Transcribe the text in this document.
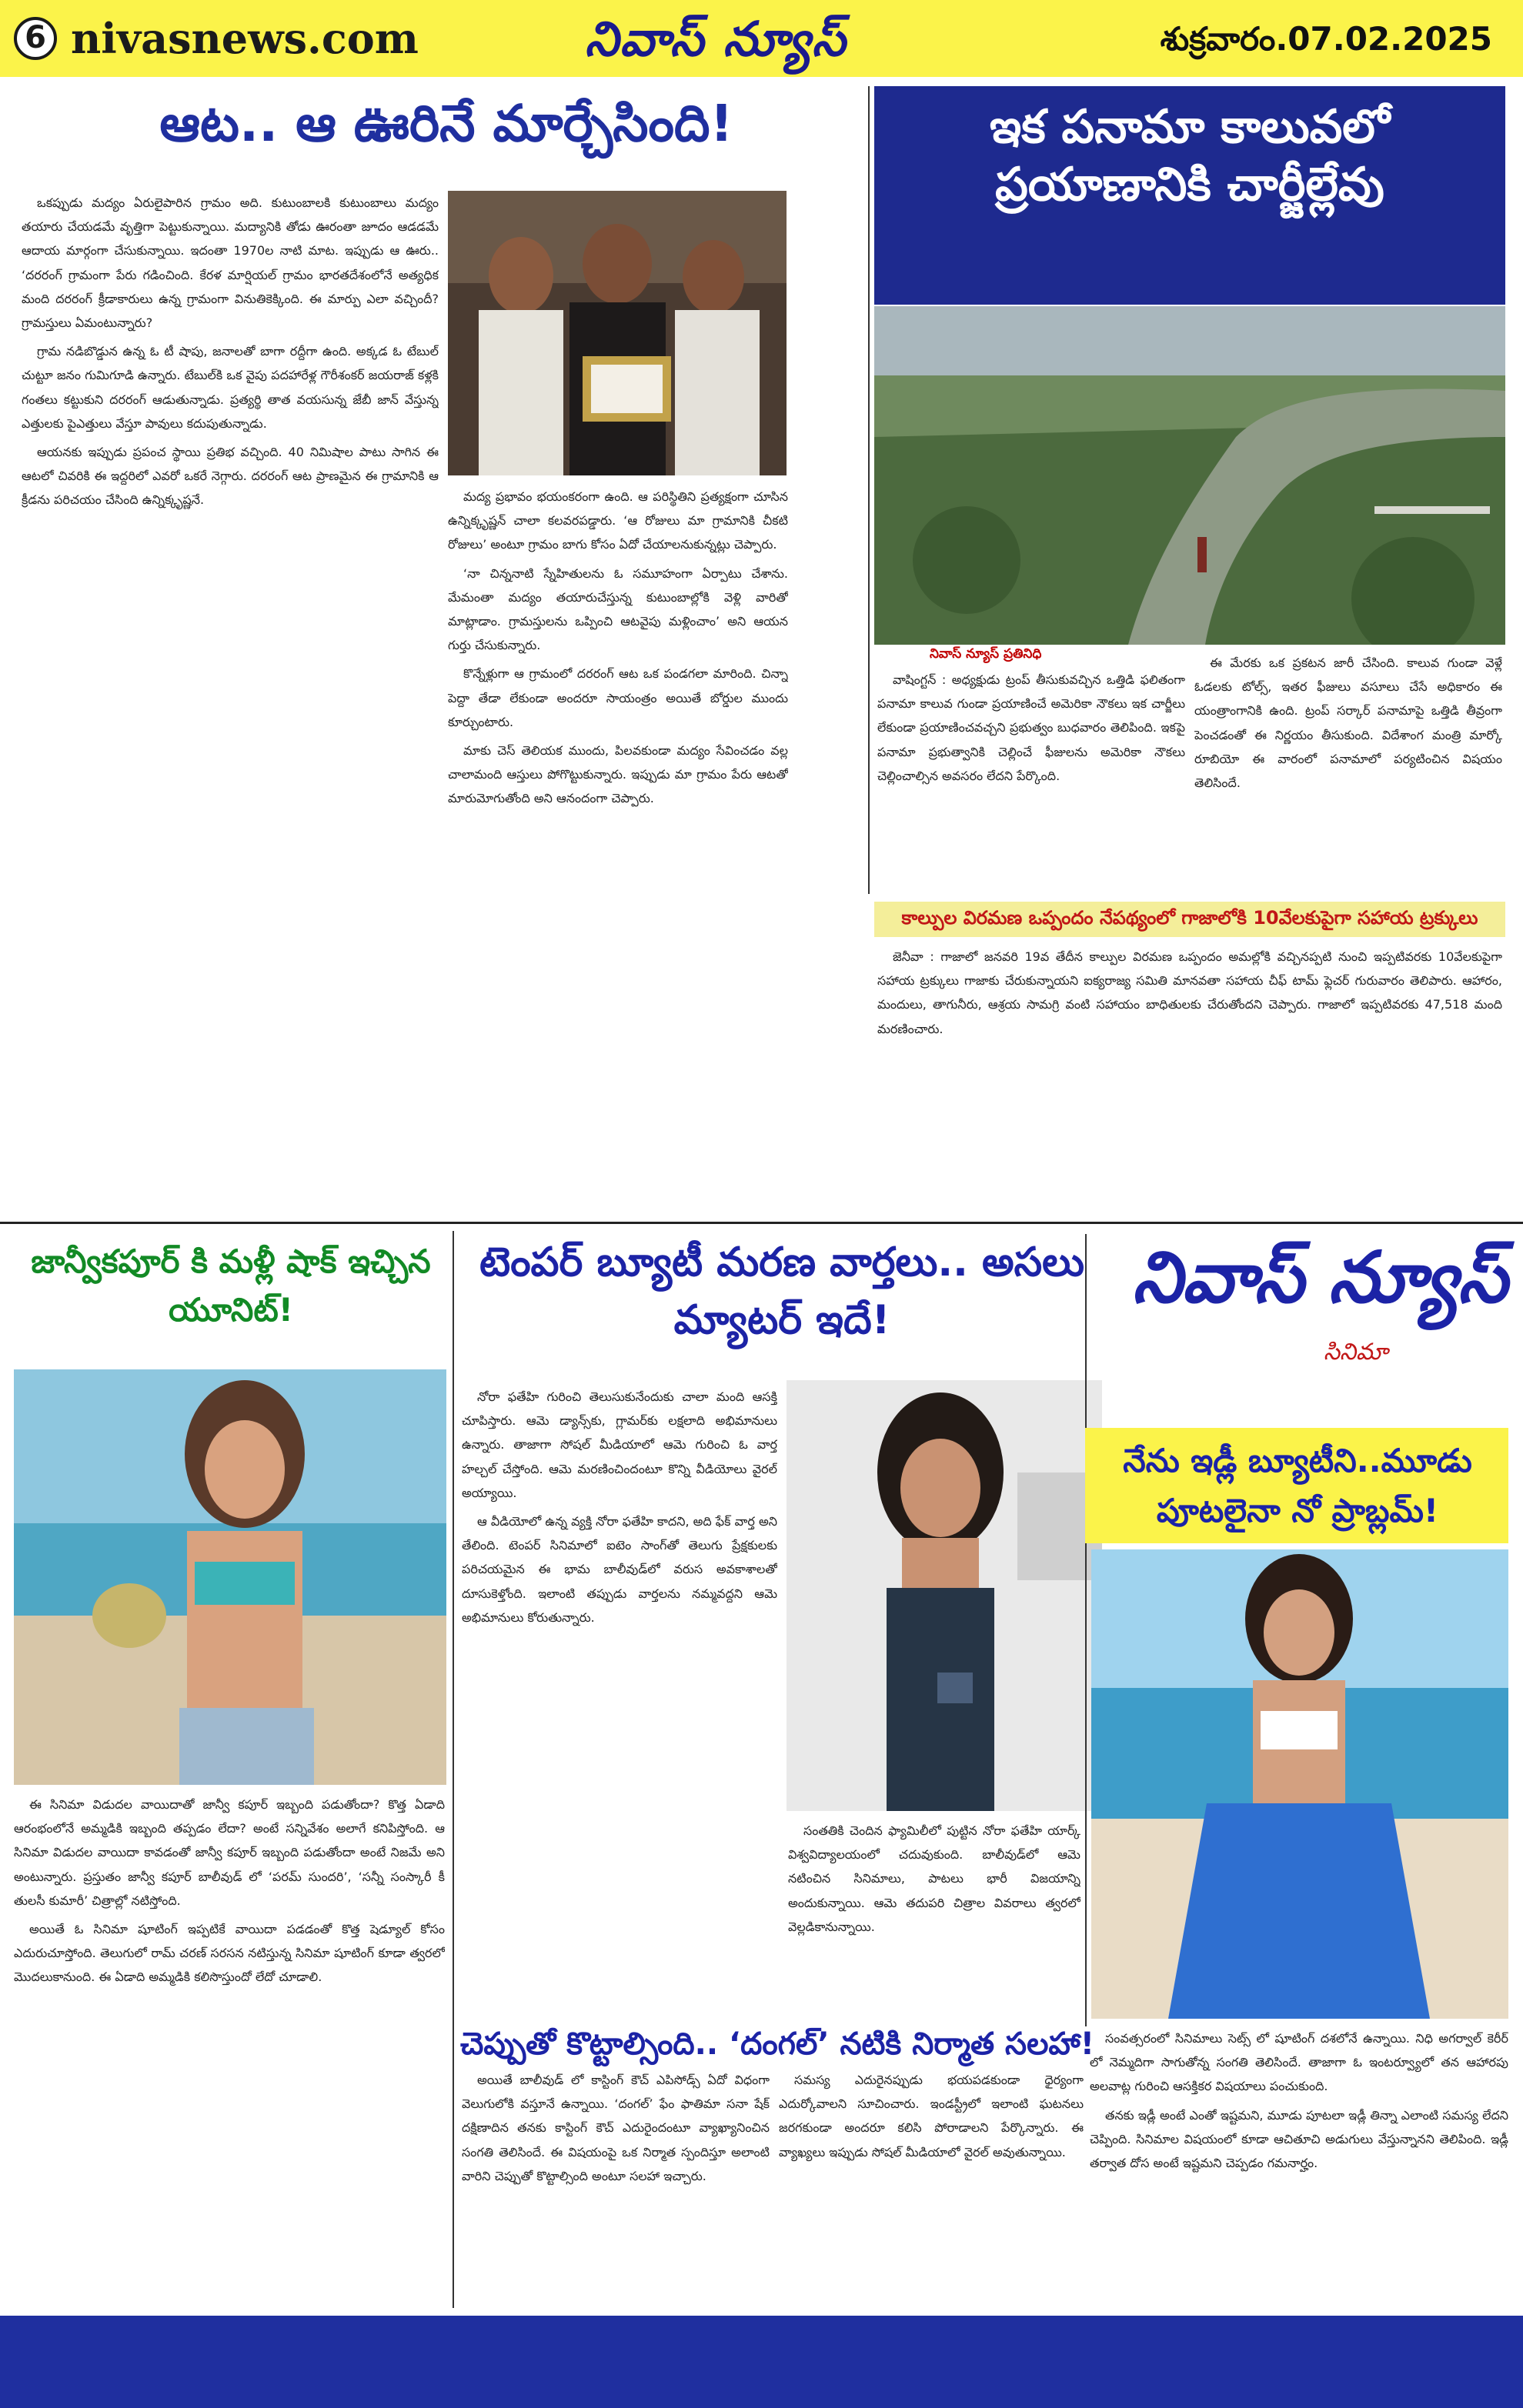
6 nivasnews.com	నివాస్ న్యూస్	శుక్రవారం.07.02.2025
ఆట.. ఆ ఊరినే మార్చేసింది!

ఒకప్పుడు మద్యం ఏరులైపారిన గ్రామం అది. కుటుంబాలకి కుటుంబాలు మద్యం తయారు చేయడమే వృత్తిగా పెట్టుకున్నాయి. మద్యానికి తోడు ఊరంతా జూదం ఆడడమే ఆదాయ మార్గంగా చేసుకున్నాయి. ఇదంతా 1970ల నాటి మాట. ఇప్పుడు ఆ ఊరు.. ‘దరరంగ్ గ్రామంగా పేరు గడించింది. కేరళ మార్షియల్ గ్రామం భారతదేశంలోనే అత్యధిక మంది దరరంగ్ క్రీడాకారులు ఉన్న గ్రామంగా వినుతికెక్కింది. ఈ మార్పు ఎలా వచ్చిందీ? గ్రామస్తులు ఏమంటున్నారు?

గ్రామ నడిబొడ్డున ఉన్న ఓ టీ షాపు, జనాలతో బాగా రద్దీగా ఉంది. అక్కడ ఓ టేబుల్ చుట్టూ జనం గుమిగూడి ఉన్నారు. టేబుల్‌కి ఒక వైపు పదహారేళ్ల గౌరీశంకర్ జయరాజ్ కళ్లకి గంతలు కట్టుకుని దరరంగ్ ఆడుతున్నాడు. ప్రత్యర్థి తాత వయసున్న జేబీ జాన్ వేస్తున్న ఎత్తులకు పైఎత్తులు వేస్తూ పావులు కదుపుతున్నాడు.

ఆయనకు ఇప్పుడు ప్రపంచ స్థాయి ప్రతిభ వచ్చింది. 40 నిమిషాల పాటు సాగిన ఈ ఆటలో చివరికి ఈ ఇద్దరిలో ఎవరో ఒకరే నెగ్గారు. దరరంగ్ ఆట ప్రాణమైన ఈ గ్రామానికి ఆ క్రీడను పరిచయం చేసింది ఉన్నిక్కృష్ణనే.	మద్య ప్రభావం భయంకరంగా ఉంది. ఆ పరిస్థితిని ప్రత్యక్షంగా చూసిన ఉన్నిక్కృష్ణన్ చాలా కలవరపడ్డారు. ‘ఆ రోజులు మా గ్రామానికి చీకటి రోజులు’ అంటూ గ్రామం బాగు కోసం ఏదో చేయాలనుకున్నట్లు చెప్పారు.

‘నా చిన్ననాటి స్నేహితులను ఓ సమూహంగా ఏర్పాటు చేశాను. మేమంతా మద్యం తయారుచేస్తున్న కుటుంబాల్లోకి వెళ్లి వారితో మాట్లాడాం. గ్రామస్తులను ఒప్పించి ఆటవైపు మళ్లించాం’ అని ఆయన గుర్తు చేసుకున్నారు.

కొన్నేళ్లుగా ఆ గ్రామంలో దరరంగ్ ఆట ఒక పండగలా మారింది. చిన్నా పెద్దా తేడా లేకుండా అందరూ సాయంత్రం అయితే బోర్డుల ముందు కూర్చుంటారు.

మాకు చెస్ తెలియక ముందు, పిలవకుండా మద్యం సేవించడం వల్ల చాలామంది ఆస్తులు పోగొట్టుకున్నారు. ఇప్పుడు మా గ్రామం పేరు ఆటతో మారుమోగుతోంది అని ఆనందంగా చెప్పారు.

ఇక పనామా కాలువలో ప్రయాణానికి చార్జీల్లేవు
నివాస్ న్యూస్ ప్రతినిధి

వాషింగ్టన్ : అధ్యక్షుడు ట్రంప్ తీసుకువచ్చిన ఒత్తిడి ఫలితంగా పనామా కాలువ గుండా ప్రయాణించే అమెరికా నౌకలు ఇక చార్జీలు లేకుండా ప్రయాణించవచ్చని ప్రభుత్వం బుధవారం తెలిపింది. ఇకపై పనామా ప్రభుత్వానికి చెల్లించే ఫీజులను అమెరికా నౌకలు చెల్లించాల్సిన అవసరం లేదని పేర్కొంది.

ఈ మేరకు ఒక ప్రకటన జారీ చేసింది. కాలువ గుండా వెళ్లే ఓడలకు టోల్స్, ఇతర ఫీజులు వసూలు చేసే అధికారం ఈ యంత్రాంగానికి ఉంది. ట్రంప్ సర్కార్ పనామాపై ఒత్తిడి తీవ్రంగా పెంచడంతో ఈ నిర్ణయం తీసుకుంది. విదేశాంగ మంత్రి మార్కో రూబియో ఈ వారంలో పనామాలో పర్యటించిన విషయం తెలిసిందే.

కాల్పుల విరమణ ఒప్పందం నేపథ్యంలో గాజాలోకి 10వేలకుపైగా సహాయ ట్రక్కులు

జెనీవా : గాజాలో జనవరి 19వ తేదీన కాల్పుల విరమణ ఒప్పందం అమల్లోకి వచ్చినప్పటి నుంచి ఇప్పటివరకు 10వేలకుపైగా సహాయ ట్రక్కులు గాజాకు చేరుకున్నాయని ఐక్యరాజ్య సమితి మానవతా సహాయ చీఫ్ టామ్ ఫ్లెచర్ గురువారం తెలిపారు. ఆహారం, మందులు, తాగునీరు, ఆశ్రయ సామగ్రి వంటి సహాయం బాధితులకు చేరుతోందని చెప్పారు. గాజాలో ఇప్పటివరకు 47,518 మంది మరణించారు.

జాన్వీకపూర్ కి మళ్లీ షాక్ ఇచ్చిన యూనిట్!

ఈ సినిమా విడుదల వాయిదాతో జాన్వీ కపూర్ ఇబ్బంది పడుతోందా? కొత్త ఏడాది ఆరంభంలోనే అమ్మడికి ఇబ్బంది తప్పడం లేదా? అంటే సన్నివేశం అలాగే కనిపిస్తోంది. ఆ సినిమా విడుదల వాయిదా కావడంతో జాన్వీ కపూర్ ఇబ్బంది పడుతోందా అంటే నిజమే అని అంటున్నారు. ప్రస్తుతం జాన్వీ కపూర్ బాలీవుడ్ లో ‘పరమ్ సుందరి’, ‘సన్నీ సంస్కారీ కీ తులసీ కుమారీ’ చిత్రాల్లో నటిస్తోంది.

అయితే ఓ సినిమా షూటింగ్ ఇప్పటికే వాయిదా పడడంతో కొత్త షెడ్యూల్ కోసం ఎదురుచూస్తోంది. తెలుగులో రామ్ చరణ్ సరసన నటిస్తున్న సినిమా షూటింగ్ కూడా త్వరలో మొదలుకానుంది. ఈ ఏడాది అమ్మడికి కలిసొస్తుందో లేదో చూడాలి.

టెంపర్ బ్యూటీ మరణ వార్తలు.. అసలు మ్యాటర్ ఇదే!

నోరా ఫతేహి గురించి తెలుసుకునేందుకు చాలా మంది ఆసక్తి చూపిస్తారు. ఆమె డ్యాన్స్‌కు, గ్లామర్‌కు లక్షలాది అభిమానులు ఉన్నారు. తాజాగా సోషల్ మీడియాలో ఆమె గురించి ఓ వార్త హల్చల్ చేస్తోంది. ఆమె మరణించిందంటూ కొన్ని వీడియోలు వైరల్ అయ్యాయి.

ఆ వీడియోలో ఉన్న వ్యక్తి నోరా ఫతేహి కాదని, అది ఫేక్ వార్త అని తేలింది. టెంపర్ సినిమాలో ఐటెం సాంగ్‌తో తెలుగు ప్రేక్షకులకు పరిచయమైన ఈ భామ బాలీవుడ్‌లో వరుస అవకాశాలతో దూసుకెళ్తోంది. ఇలాంటి తప్పుడు వార్తలను నమ్మవద్దని ఆమె అభిమానులు కోరుతున్నారు.

సంతతికి చెందిన ఫ్యామిలీలో పుట్టిన నోరా ఫతేహి యార్క్ విశ్వవిద్యాలయంలో చదువుకుంది. బాలీవుడ్‌లో ఆమె నటించిన సినిమాలు, పాటలు భారీ విజయాన్ని అందుకున్నాయి. ఆమె తదుపరి చిత్రాల వివరాలు త్వరలో వెల్లడికానున్నాయి.

చెప్పుతో కొట్టాల్సింది.. ‘దంగల్’ నటికి నిర్మాత సలహా!

అయితే బాలీవుడ్ లో కాస్టింగ్ కౌచ్ ఎపిసోడ్స్ ఏదో విధంగా వెలుగులోకి వస్తూనే ఉన్నాయి. ‘దంగల్’ ఫేం ఫాతిమా సనా షేక్ దక్షిణాదిన తనకు కాస్టింగ్ కౌచ్ ఎదురైందంటూ వ్యాఖ్యానించిన సంగతి తెలిసిందే. ఈ విషయంపై ఒక నిర్మాత స్పందిస్తూ అలాంటి వారిని చెప్పుతో కొట్టాల్సింది అంటూ సలహా ఇచ్చారు.

సమస్య ఎదురైనప్పుడు భయపడకుండా ధైర్యంగా ఎదుర్కోవాలని సూచించారు. ఇండస్ట్రీలో ఇలాంటి ఘటనలు జరగకుండా అందరూ కలిసి పోరాడాలని పేర్కొన్నారు. ఈ వ్యాఖ్యలు ఇప్పుడు సోషల్ మీడియాలో వైరల్ అవుతున్నాయి.

నివాస్ న్యూస్
సినిమా
నేను ఇడ్లీ బ్యూటీని..మూడు పూటలైనా నో ప్రాబ్లమ్!

సంవత్సరంలో సినిమాలు సెట్స్ లో షూటింగ్ దశలోనే ఉన్నాయి. నిధి అగర్వాల్ కెరీర్ లో నెమ్మదిగా సాగుతోన్న సంగతి తెలిసిందే. తాజాగా ఓ ఇంటర్వ్యూలో తన ఆహారపు అలవాట్ల గురించి ఆసక్తికర విషయాలు పంచుకుంది.

తనకు ఇడ్లీ అంటే ఎంతో ఇష్టమని, మూడు పూటలా ఇడ్లీ తిన్నా ఎలాంటి సమస్య లేదని చెప్పింది. సినిమాల విషయంలో కూడా ఆచితూచి అడుగులు వేస్తున్నానని తెలిపింది. ఇడ్లీ తర్వాత దోస అంటే ఇష్టమని చెప్పడం గమనార్హం.
